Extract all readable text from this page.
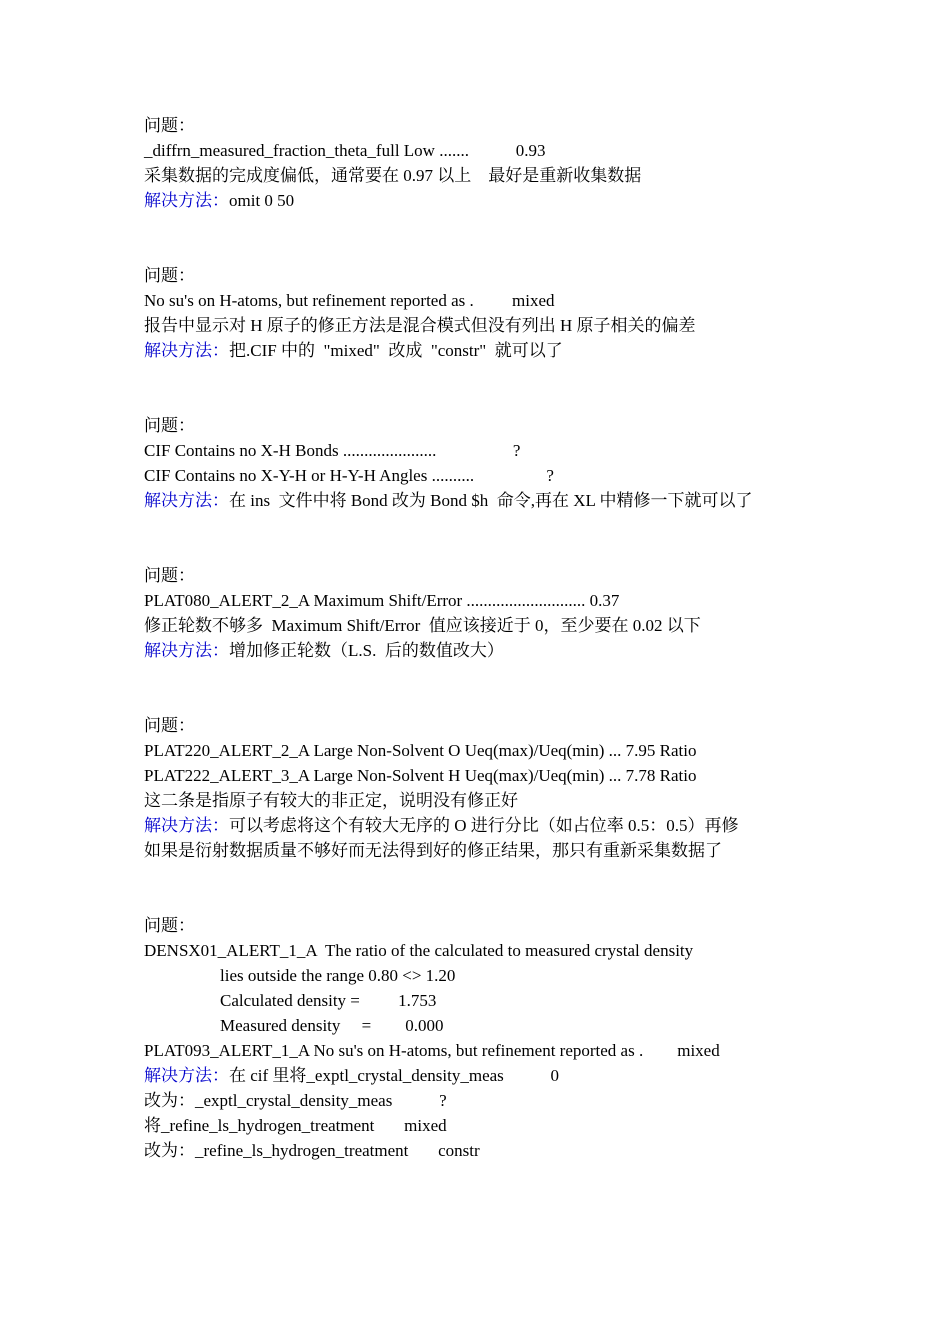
问题：
_diffrn_measured_fraction_theta_full Low .......           0.93
采集数据的完成度偏低，通常要在 0.97 以上    最好是重新收集数据
解决方法：omit 0 50
问题：
No su's on H-atoms, but refinement reported as .         mixed
报告中显示对 H 原子的修正方法是混合模式但没有列出 H 原子相关的偏差
解决方法：把.CIF 中的  "mixed"  改成  "constr"  就可以了
问题：
CIF Contains no X-H Bonds ......................                  ?
CIF Contains no X-Y-H or H-Y-H Angles ..........                 ?
解决方法：在 ins  文件中将 Bond 改为 Bond $h  命令,再在 XL 中精修一下就可以了
问题：
PLAT080_ALERT_2_A Maximum Shift/Error ............................ 0.37
修正轮数不够多  Maximum Shift/Error  值应该接近于 0，至少要在 0.02 以下
解决方法：增加修正轮数（L.S.  后的数值改大）
问题：
PLAT220_ALERT_2_A Large Non-Solvent O Ueq(max)/Ueq(min) ... 7.95 Ratio
PLAT222_ALERT_3_A Large Non-Solvent H Ueq(max)/Ueq(min) ... 7.78 Ratio
这二条是指原子有较大的非正定，说明没有修正好
解决方法：可以考虑将这个有较大无序的 O 进行分比（如占位率 0.5：0.5）再修
如果是衍射数据质量不够好而无法得到好的修正结果，那只有重新采集数据了
问题：
DENSX01_ALERT_1_A  The ratio of the calculated to measured crystal density
lies outside the range 0.80 <> 1.20
Calculated density =         1.753
Measured density     =        0.000
PLAT093_ALERT_1_A No su's on H-atoms, but refinement reported as .        mixed
解决方法：在 cif 里将_exptl_crystal_density_meas           0
改为：_exptl_crystal_density_meas           ?
将_refine_ls_hydrogen_treatment       mixed
改为：_refine_ls_hydrogen_treatment       constr
